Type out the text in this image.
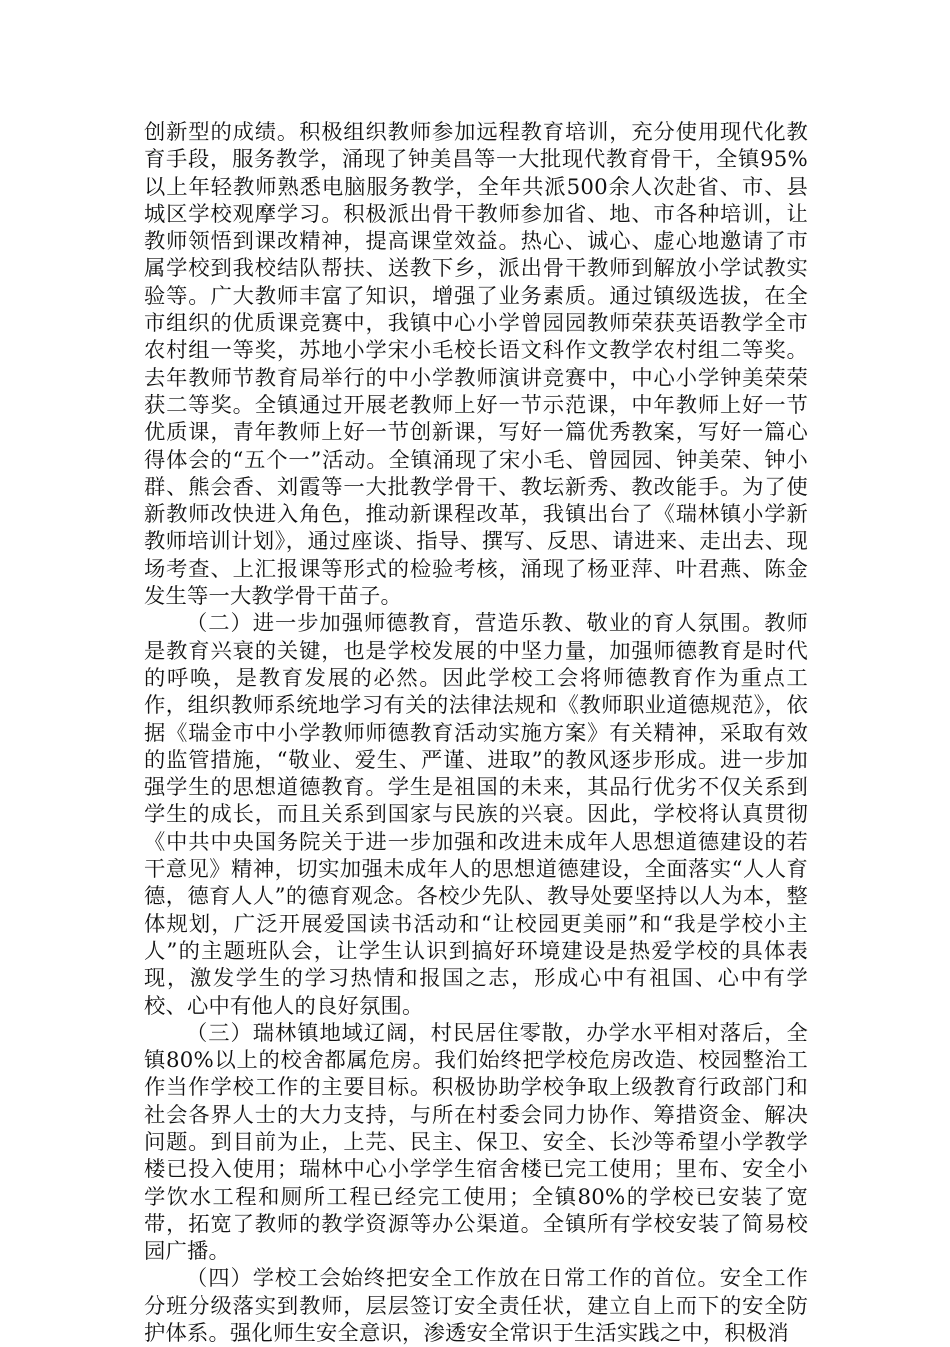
创新型的成绩。积极组织教师参加远程教育培训，充分使用现代化教育手段，服务教学，涌现了钟美昌等一大批现代教育骨干，全镇95%以上年轻教师熟悉电脑服务教学，全年共派500余人次赴省、市、县城区学校观摩学习。积极派出骨干教师参加省、地、市各种培训，让教师领悟到课改精神，提高课堂效益。热心、诚心、虚心地邀请了市属学校到我校结队帮扶、送教下乡，派出骨干教师到解放小学试教实验等。广大教师丰富了知识，增强了业务素质。通过镇级选拔，在全市组织的优质课竞赛中，我镇中心小学曾园园教师荣获英语教学全市农村组一等奖，苏地小学宋小毛校长语文科作文教学农村组二等奖。去年教师节教育局举行的中小学教师演讲竞赛中，中心小学钟美荣荣获二等奖。全镇通过开展老教师上好一节示范课，中年教师上好一节优质课，青年教师上好一节创新课，写好一篇优秀教案，写好一篇心得体会的“五个一”活动。全镇涌现了宋小毛、曾园园、钟美荣、钟小群、熊会香、刘霞等一大批教学骨干、教坛新秀、教改能手。为了使新教师改快进入角色，推动新课程改革，我镇出台了《瑞林镇小学新教师培训计划》，通过座谈、指导、撰写、反思、请进来、走出去、现场考查、上汇报课等形式的检验考核，涌现了杨亚萍、叶君燕、陈金发生等一大教学骨干苗子。

（二）进一步加强师德教育，营造乐教、敬业的育人氛围。教师是教育兴衰的关键，也是学校发展的中坚力量，加强师德教育是时代的呼唤，是教育发展的必然。因此学校工会将师德教育作为重点工作，组织教师系统地学习有关的法律法规和《教师职业道德规范》，依据《瑞金市中小学教师师德教育活动实施方案》有关精神，采取有效的监管措施，“敬业、爱生、严谨、进取”的教风逐步形成。进一步加强学生的思想道德教育。学生是祖国的未来，其品行优劣不仅关系到学生的成长，而且关系到国家与民族的兴衰。因此，学校将认真贯彻《中共中央国务院关于进一步加强和改进未成年人思想道德建设的若干意见》精神，切实加强未成年人的思想道德建设，全面落实“人人育德，德育人人”的德育观念。各校少先队、教导处要坚持以人为本，整体规划，广泛开展爱国读书活动和“让校园更美丽”和“我是学校小主人”的主题班队会，让学生认识到搞好环境建设是热爱学校的具体表现，激发学生的学习热情和报国之志，形成心中有祖国、心中有学校、心中有他人的良好氛围。

（三）瑞林镇地域辽阔，村民居住零散，办学水平相对落后，全镇80%以上的校舍都属危房。我们始终把学校危房改造、校园整治工作当作学校工作的主要目标。积极协助学校争取上级教育行政部门和社会各界人士的大力支持，与所在村委会同力协作、筹措资金、解决问题。到目前为止，上芫、民主、保卫、安全、长沙等希望小学教学楼已投入使用；瑞林中心小学学生宿舍楼已完工使用；里布、安全小学饮水工程和厕所工程已经完工使用；全镇80%的学校已安装了宽带，拓宽了教师的教学资源等办公渠道。全镇所有学校安装了简易校园广播。

（四）学校工会始终把安全工作放在日常工作的首位。安全工作分班分级落实到教师，层层签订安全责任状，建立自上而下的安全防护体系。强化师生安全意识，渗透安全常识于生活实践之中，积极消
